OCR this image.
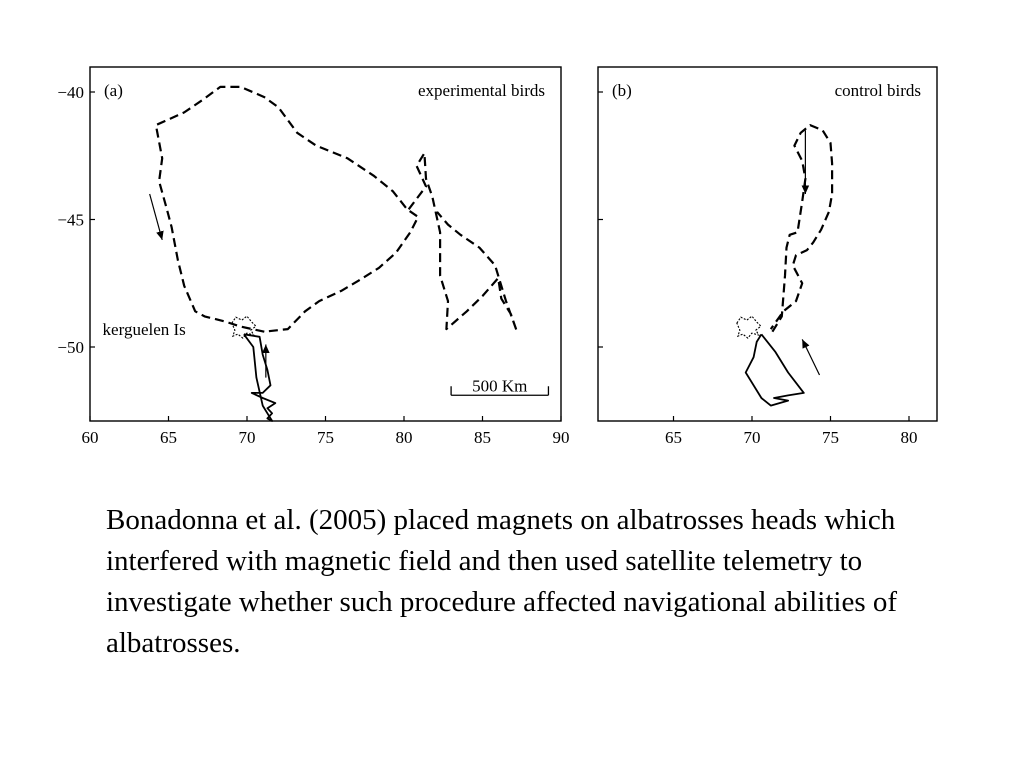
60	65	70	75	80	85	90
−40
−45
−50
(a)	experimental birds
kerguelen Is
500 Km
65	70	75	80
(b)	control birds
Bonadonna et al. (2005) placed magnets on albatrosses heads which interfered with magnetic field and then used satellite telemetry to investigate whether such procedure affected navigational abilities of albatrosses.
